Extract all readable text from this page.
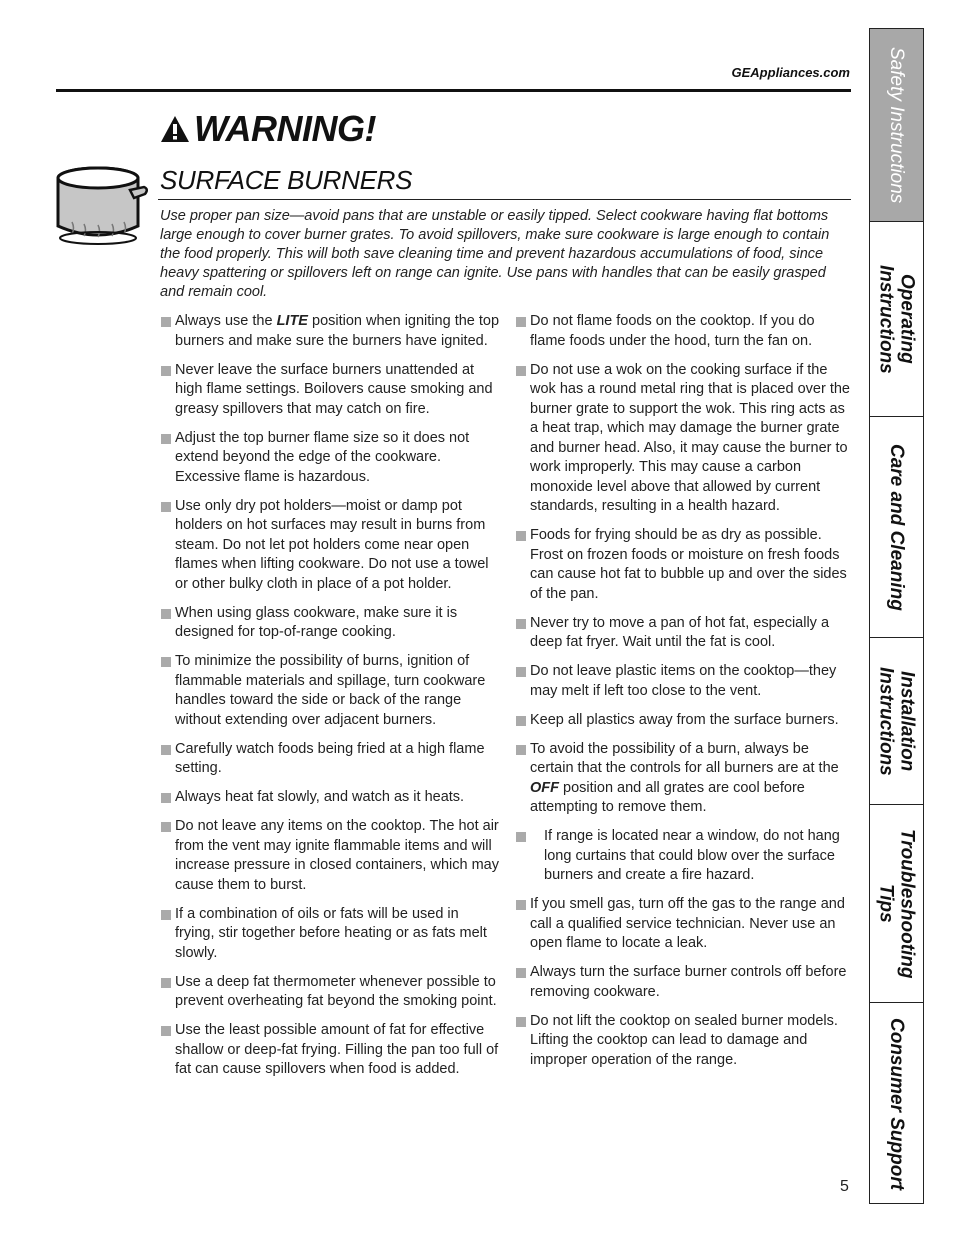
GEAppliances.com
WARNING!
SURFACE BURNERS

Use proper pan size—avoid pans that are unstable or easily tipped. Select cookware having flat bottoms large enough to cover burner grates. To avoid spillovers, make sure cookware is large enough to contain the food properly. This will both save cleaning time and prevent hazardous accumulations of food, since heavy spattering or spillovers left on range can ignite. Use pans with handles that can be easily grasped and remain cool.

Always use the LITE position when igniting the top burners and make sure the burners have ignited.
Never leave the surface burners unattended at high flame settings. Boilovers cause smoking and greasy spillovers that may catch on fire.
Adjust the top burner flame size so it does not extend beyond the edge of the cookware. Excessive flame is hazardous.
Use only dry pot holders—moist or damp pot holders on hot surfaces may result in burns from steam. Do not let pot holders come near open flames when lifting cookware. Do not use a towel or other bulky cloth in place of a pot holder.
When using glass cookware, make sure it is designed for top-of-range cooking.
To minimize the possibility of burns, ignition of flammable materials and spillage, turn cookware handles toward the side or back of the range without extending over adjacent burners.
Carefully watch foods being fried at a high flame setting.
Always heat fat slowly, and watch as it heats.
Do not leave any items on the cooktop. The hot air from the vent may ignite flammable items and will increase pressure in closed containers, which may cause them to burst.
If a combination of oils or fats will be used in frying, stir together before heating or as fats melt slowly.
Use a deep fat thermometer whenever possible to prevent overheating fat beyond the smoking point.
Use the least possible amount of fat for effective shallow or deep-fat frying. Filling the pan too full of fat can cause spillovers when food is added.
Do not flame foods on the cooktop. If you do flame foods under the hood, turn the fan on.
Do not use a wok on the cooking surface if the wok has a round metal ring that is placed over the burner grate to support the wok. This ring acts as a heat trap, which may damage the burner grate and burner head. Also, it may cause the burner to work improperly. This may cause a carbon monoxide level above that allowed by current standards, resulting in a health hazard.
Foods for frying should be as dry as possible. Frost on frozen foods or moisture on fresh foods can cause hot fat to bubble up and over the sides of the pan.
Never try to move a pan of hot fat, especially a deep fat fryer. Wait until the fat is cool.
Do not leave plastic items on the cooktop—they may melt if left too close to the vent.
Keep all plastics away from the surface burners.
To avoid the possibility of a burn, always be certain that the controls for all burners are at the OFF position and all grates are cool before attempting to remove them.
If range is located near a window, do not hang long curtains that could blow over the surface burners and create a fire hazard.
If you smell gas, turn off the gas to the range and call a qualified service technician. Never use an open flame to locate a leak.
Always turn the surface burner controls off before removing cookware.
Do not lift the cooktop on sealed burner models. Lifting the cooktop can lead to damage and improper operation of the range.
5
Safety Instructions
Operating
Instructions
Care and Cleaning
Installation
Instructions
Troubleshooting
Tips
Consumer Support
